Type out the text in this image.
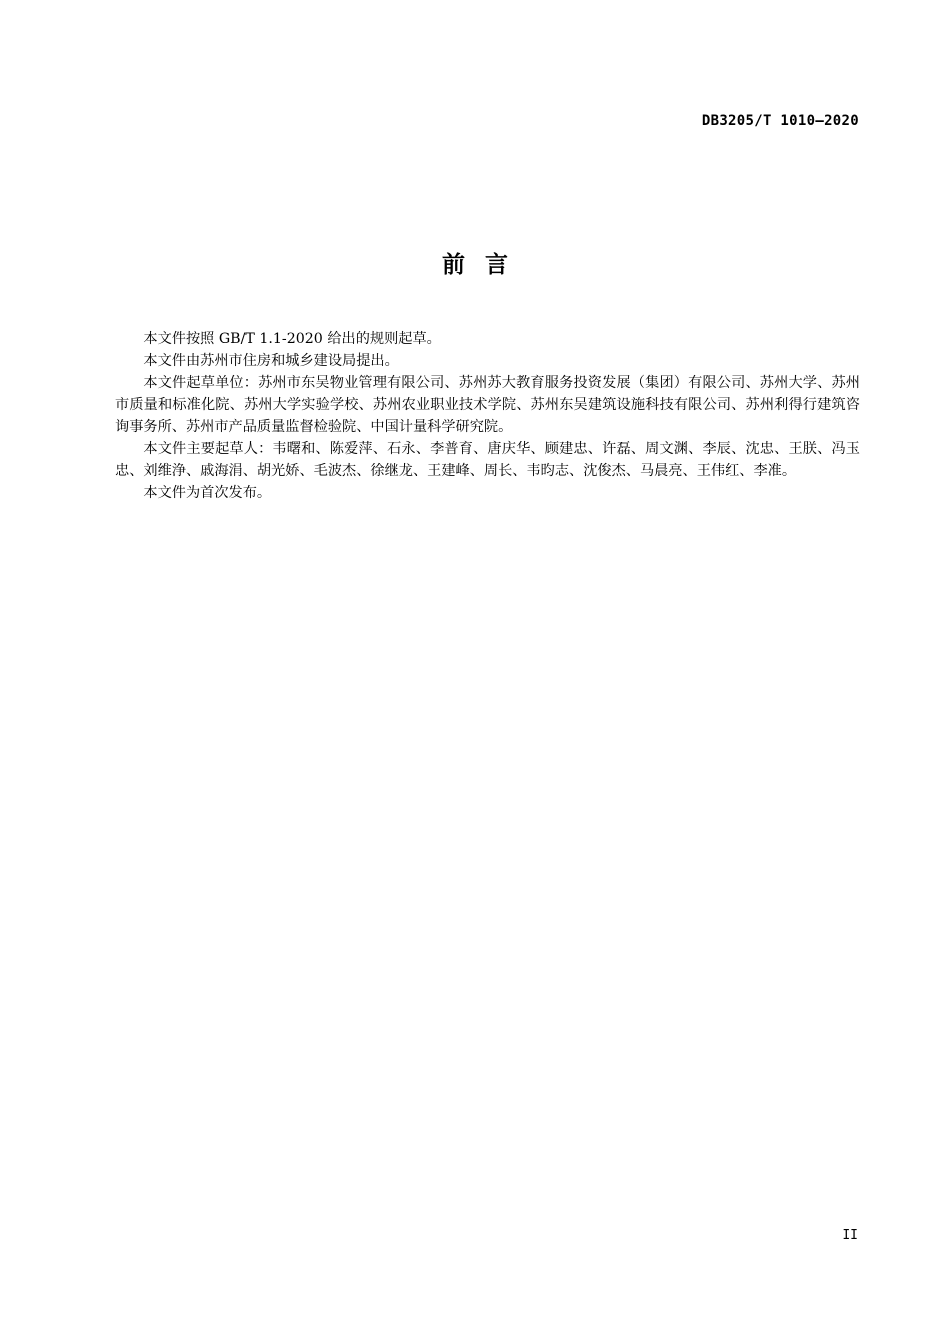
DB3205/T 1010—2020
前言

本文件按照 GB/T 1.1-2020 给出的规则起草。

本文件由苏州市住房和城乡建设局提出。

本文件起草单位：苏州市东吴物业管理有限公司、苏州苏大教育服务投资发展（集团）有限公司、苏州大学、苏州市质量和标准化院、苏州大学实验学校、苏州农业职业技术学院、苏州东吴建筑设施科技有限公司、苏州利得行建筑咨询事务所、苏州市产品质量监督检验院、中国计量科学研究院。

本文件主要起草人：韦曙和、陈爱萍、石永、李普育、唐庆华、顾建忠、许磊、周文渊、李辰、沈忠、王朕、冯玉忠、刘维浄、戚海涓、胡光娇、毛波杰、徐继龙、王建峰、周长、韦昀志、沈俊杰、马晨亮、王伟红、李准。

本文件为首次发布。

II
